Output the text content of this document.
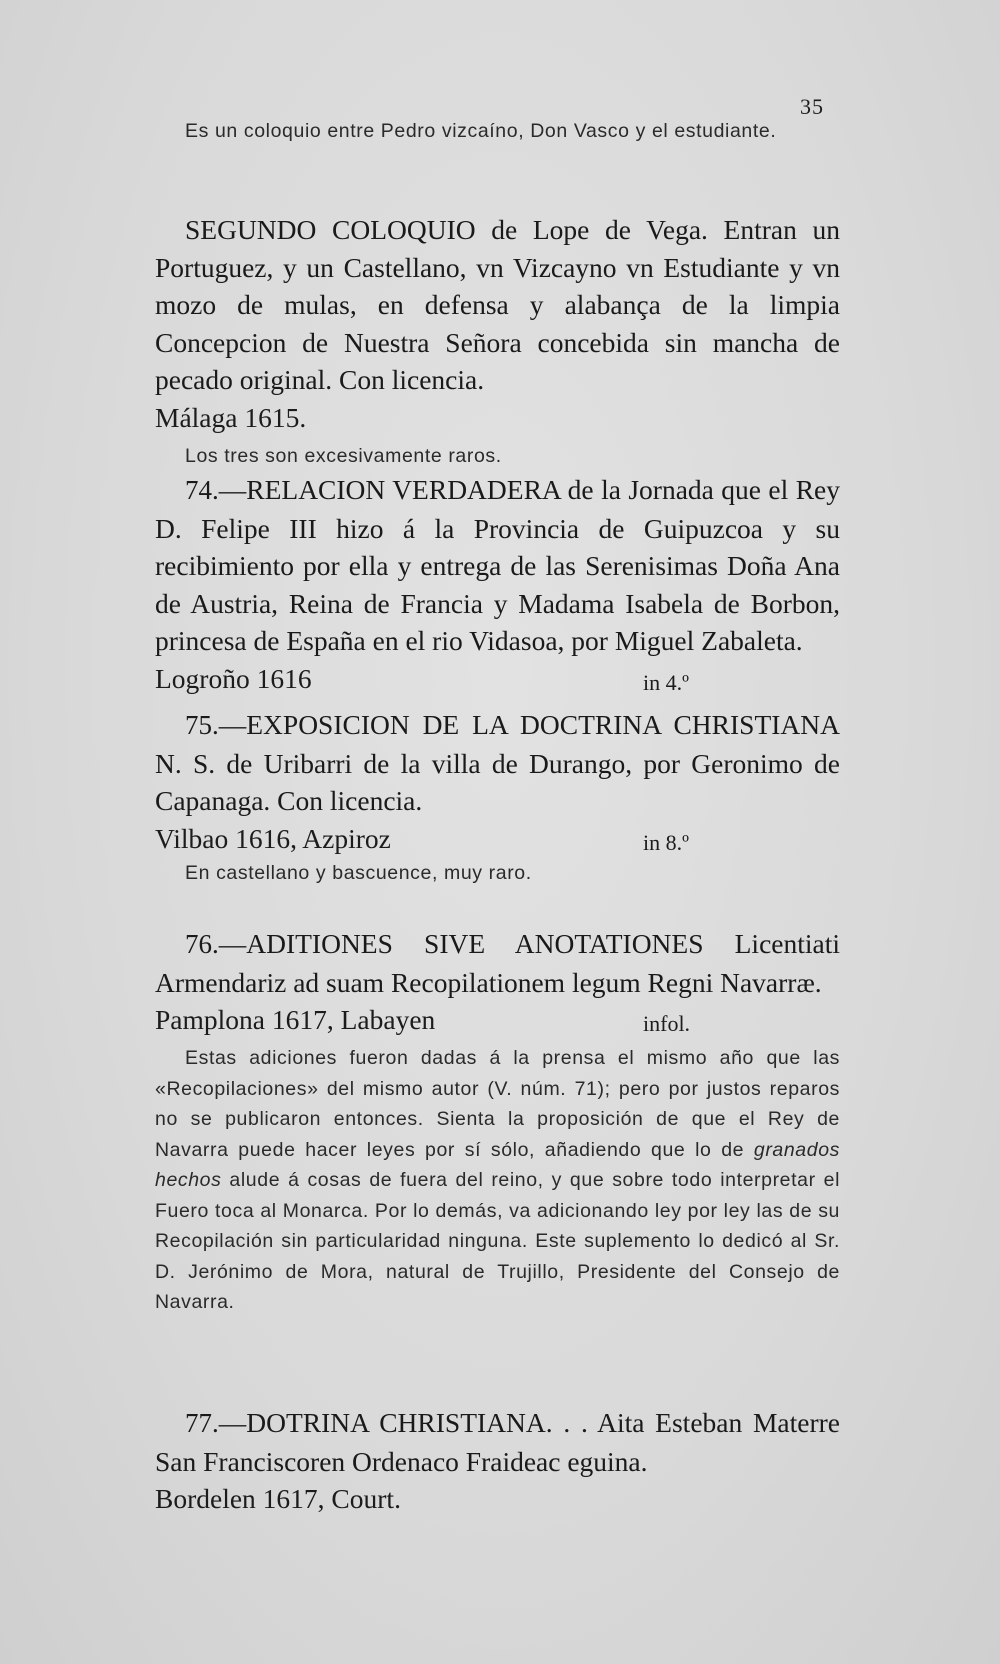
35
Es un coloquio entre Pedro vizcaíno, Don Vasco y el estudiante.
SEGUNDO COLOQUIO de Lope de Vega. Entran un Portuguez, y un Castellano, vn Vizcayno vn Estudiante y vn mozo de mulas, en defensa y alabança de la limpia Concepcion de Nuestra Señora concebida sin mancha de pecado original. Con licencia.
Málaga 1615.
Los tres son excesivamente raros.
74.—RELACION VERDADERA de la Jornada que el Rey D. Felipe III hizo á la Provincia de Guipuzcoa y su recibimiento por ella y entrega de las Serenisimas Doña Ana de Austria, Reina de Francia y Madama Isabela de Borbon, princesa de España en el rio Vidasoa, por Miguel Zabaleta.
Logroño 1616	in 4.º
75.—EXPOSICION DE LA DOCTRINA CHRISTIANA N. S. de Uribarri de la villa de Durango, por Geronimo de Capanaga. Con licencia.
Vilbao 1616, Azpiroz	in 8.º
En castellano y bascuence, muy raro.
76.—ADITIONES SIVE ANOTATIONES Licentiati Armendariz ad suam Recopilationem legum Regni Navarræ.
Pamplona 1617, Labayen	infol.
Estas adiciones fueron dadas á la prensa el mismo año que las «Recopilaciones» del mismo autor (V. núm. 71); pero por justos reparos no se publicaron entonces. Sienta la proposición de que el Rey de Navarra puede hacer leyes por sí sólo, añadiendo que lo de granados hechos alude á cosas de fuera del reino, y que sobre todo interpretar el Fuero toca al Monarca. Por lo demás, va adicionando ley por ley las de su Recopilación sin particularidad ninguna. Este suplemento lo dedicó al Sr. D. Jerónimo de Mora, natural de Trujillo, Presidente del Consejo de Navarra.
77.—DOTRINA CHRISTIANA. . . Aita Esteban Materre San Franciscoren Ordenaco Fraideac eguina.
Bordelen 1617, Court.
